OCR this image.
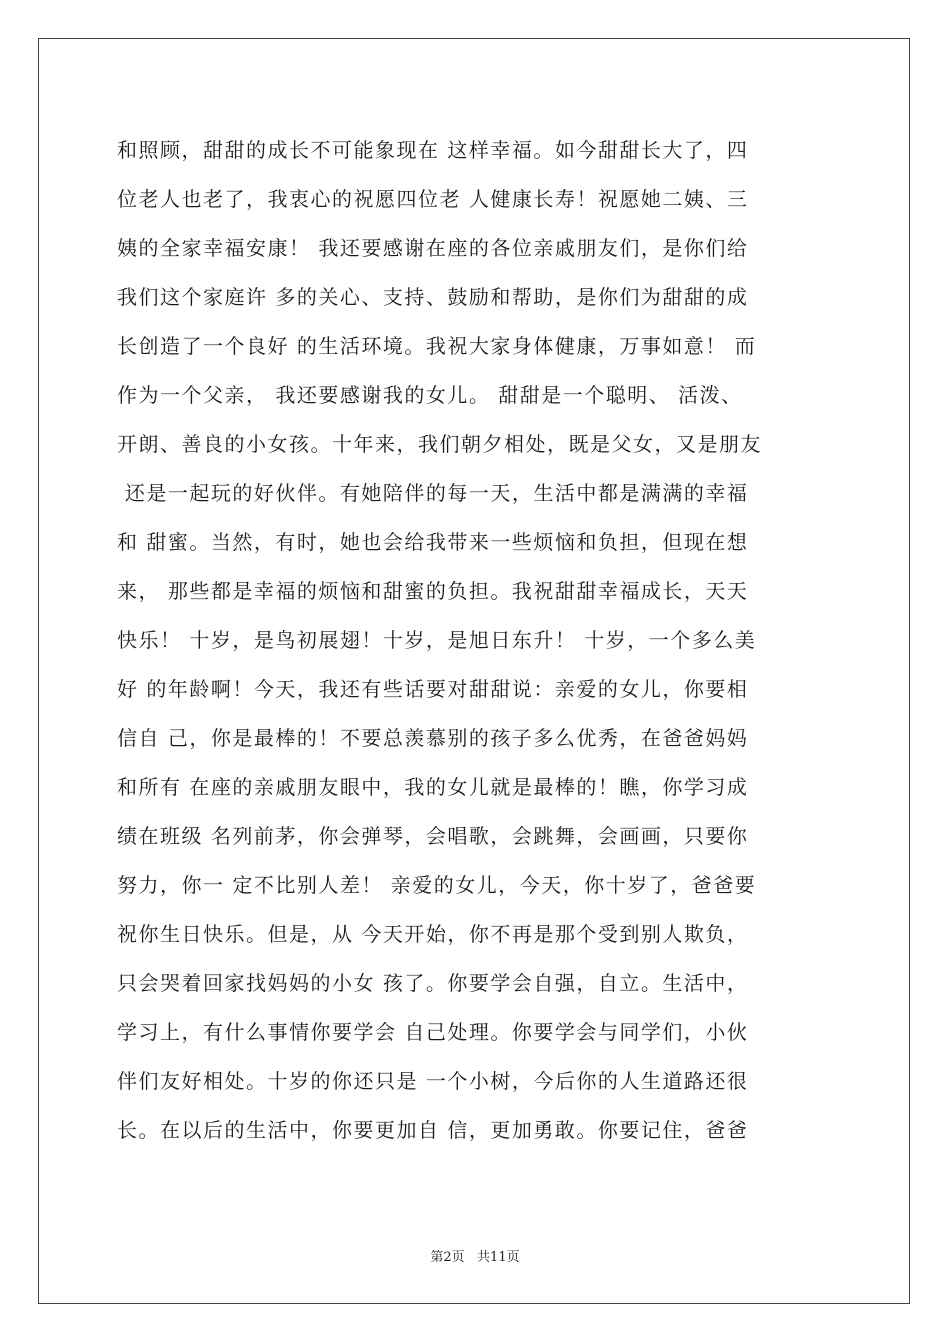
和照顾，甜甜的成长不可能象现在 这样幸福。如今甜甜长大了，四
位老人也老了，我衷心的祝愿四位老 人健康长寿！祝愿她二姨、三
姨的全家幸福安康！ 我还要感谢在座的各位亲戚朋友们，是你们给
我们这个家庭许 多的关心、支持、鼓励和帮助，是你们为甜甜的成
长创造了一个良好 的生活环境。我祝大家身体健康，万事如意！ 而
作为一个父亲， 我还要感谢我的女儿。 甜甜是一个聪明、 活泼、
开朗、善良的小女孩。十年来，我们朝夕相处，既是父女，又是朋友
还是一起玩的好伙伴。有她陪伴的每一天，生活中都是满满的幸福
和 甜蜜。当然，有时，她也会给我带来一些烦恼和负担，但现在想
来， 那些都是幸福的烦恼和甜蜜的负担。我祝甜甜幸福成长，天天
快乐！ 十岁，是鸟初展翅！十岁，是旭日东升！ 十岁，一个多么美
好 的年龄啊！今天，我还有些话要对甜甜说：亲爱的女儿，你要相
信自 己，你是最棒的！不要总羡慕别的孩子多么优秀，在爸爸妈妈
和所有 在座的亲戚朋友眼中，我的女儿就是最棒的！瞧，你学习成
绩在班级 名列前茅，你会弹琴，会唱歌，会跳舞，会画画，只要你
努力，你一 定不比别人差！ 亲爱的女儿，今天，你十岁了，爸爸要
祝你生日快乐。但是，从 今天开始，你不再是那个受到别人欺负，
只会哭着回家找妈妈的小女 孩了。你要学会自强，自立。生活中，
学习上，有什么事情你要学会 自己处理。你要学会与同学们，小伙
伴们友好相处。十岁的你还只是 一个小树，今后你的人生道路还很
长。在以后的生活中，你要更加自 信，更加勇敢。你要记住，爸爸
第2页   共11页
